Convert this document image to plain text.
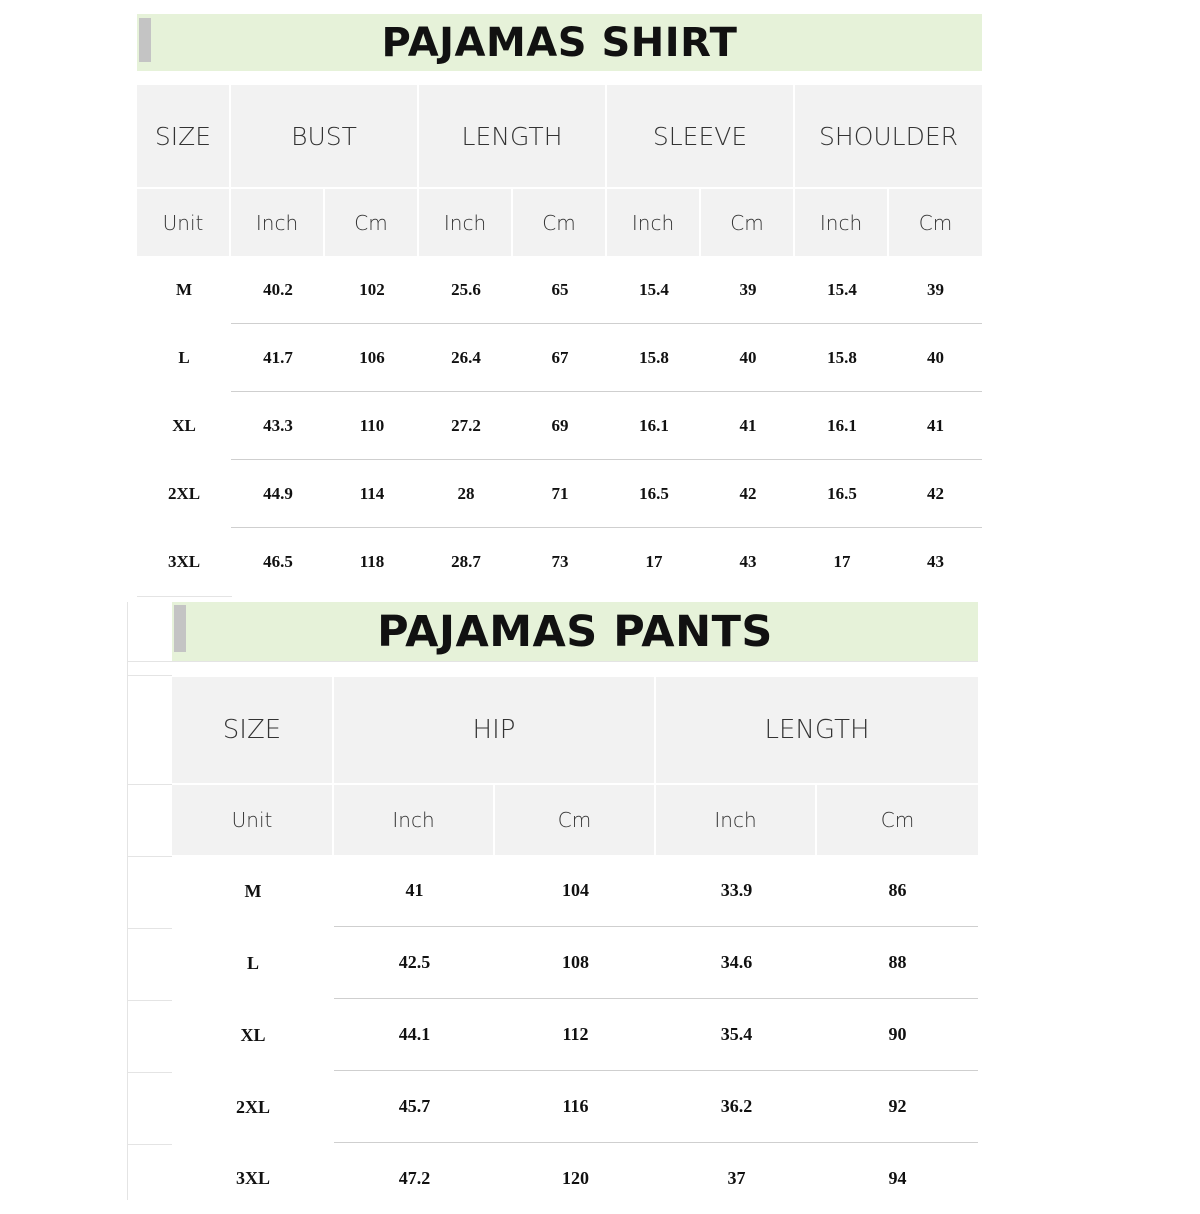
PAJAMAS SHIRT
SIZE	BUST		LENGTH		SLEEVE		SHOULDER	
Unit	Inch	Cm	Inch	Cm	Inch	Cm	Inch	Cm
M	40.2	102	25.6	65	15.4	39	15.4	39
L	41.7	106	26.4	67	15.8	40	15.8	40
XL	43.3	110	27.2	69	16.1	41	16.1	41
2XL	44.9	114	28	71	16.5	42	16.5	42
3XL	46.5	118	28.7	73	17	43	17	43
PAJAMAS PANTS
SIZE	HIP		LENGTH	
Unit	Inch	Cm	Inch	Cm
M	41	104	33.9	86
L	42.5	108	34.6	88
XL	44.1	112	35.4	90
2XL	45.7	116	36.2	92
3XL	47.2	120	37	94
